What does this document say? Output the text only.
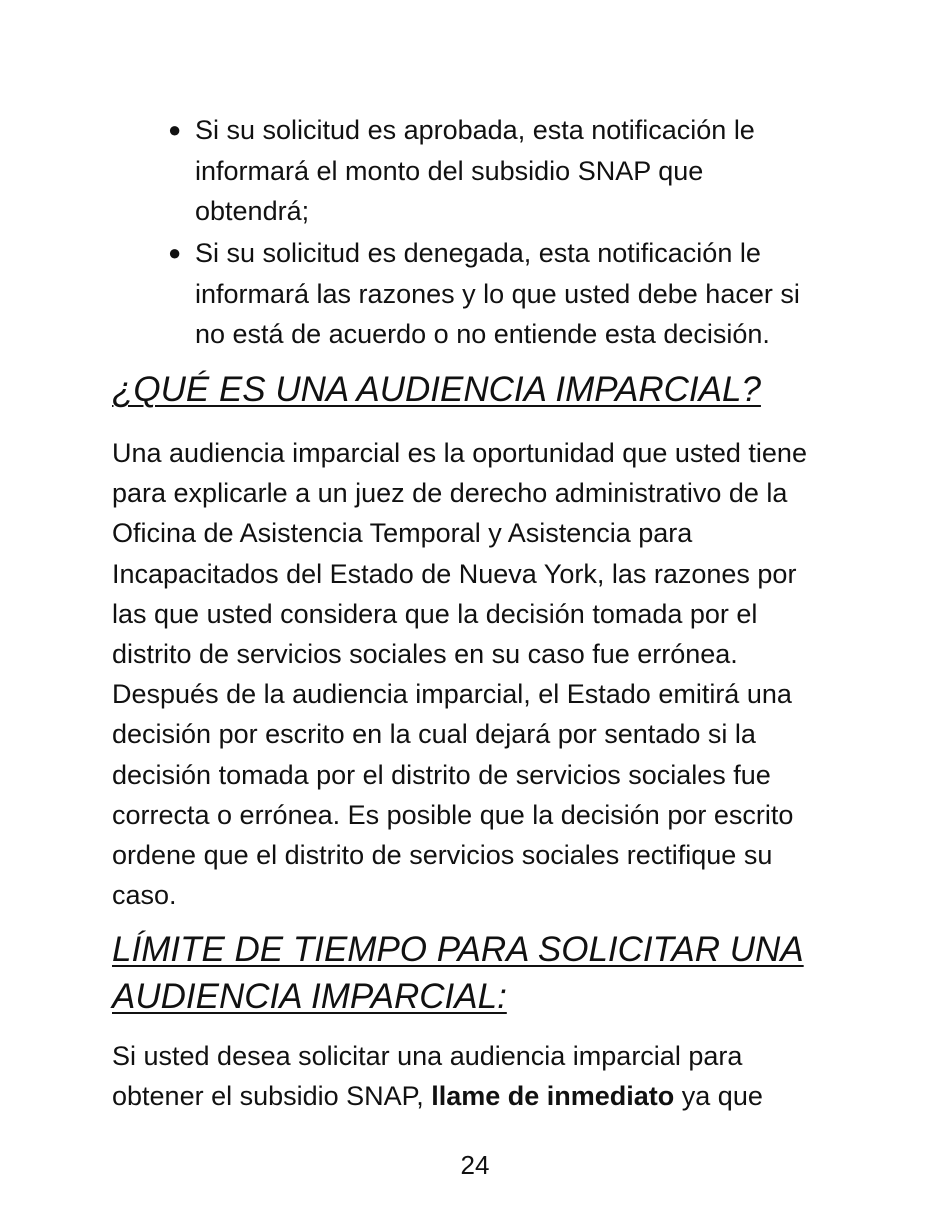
● Si su solicitud es aprobada, esta notificación le
informará el monto del subsidio SNAP que
obtendrá;
● Si su solicitud es denegada, esta notificación le
informará las razones y lo que usted debe hacer si
no está de acuerdo o no entiende esta decisión.
¿QUÉ ES UNA AUDIENCIA IMPARCIAL?
Una audiencia imparcial es la oportunidad que usted tiene
para explicarle a un juez de derecho administrativo de la
Oficina de Asistencia Temporal y Asistencia para
Incapacitados del Estado de Nueva York, las razones por
las que usted considera que la decisión tomada por el
distrito de servicios sociales en su caso fue errónea.
Después de la audiencia imparcial, el Estado emitirá una
decisión por escrito en la cual dejará por sentado si la
decisión tomada por el distrito de servicios sociales fue
correcta o errónea. Es posible que la decisión por escrito
ordene que el distrito de servicios sociales rectifique su
caso.
LÍMITE DE TIEMPO PARA SOLICITAR UNA
AUDIENCIA IMPARCIAL:
Si usted desea solicitar una audiencia imparcial para
obtener el subsidio SNAP, llame de inmediato ya que
24
